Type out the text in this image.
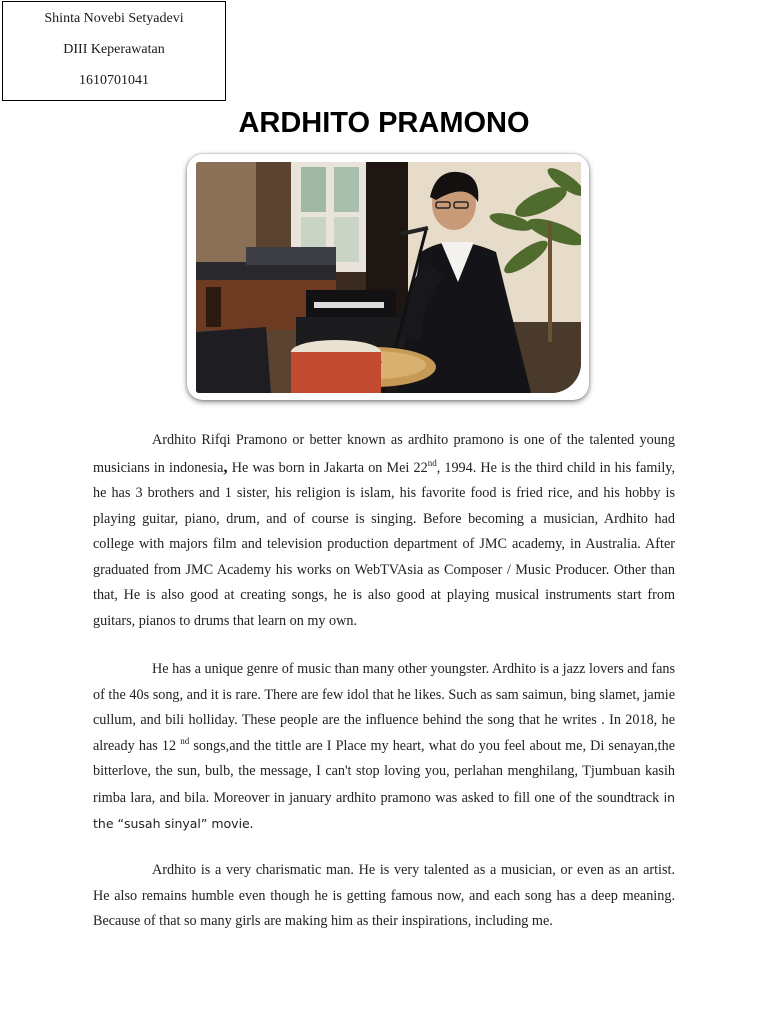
Shinta Novebi Setyadevi
DIII Keperawatan
1610701041
ARDHITO PRAMONO

Ardhito Rifqi Pramono or better known as ardhito pramono is one of the talented young musicians in indonesia, He was born in Jakarta on Mei 22nd, 1994. He is the third child in his family, he has 3 brothers and 1 sister, his religion is islam, his favorite food is fried rice, and his hobby is playing guitar, piano, drum, and of course is singing. Before becoming a musician, Ardhito had college with majors film and television production department of JMC academy, in Australia. After graduated from JMC Academy his works on WebTVAsia as Composer / Music Producer. Other than that, He is also good at creating songs, he is also good at playing musical instruments start from guitars, pianos to drums that learn on my own.

He has a unique genre of music than many other youngster. Ardhito is a jazz lovers and fans of the 40s song, and it is rare. There are few idol that he likes. Such as sam saimun, bing slamet, jamie cullum, and bili holliday. These people are the influence behind the song that he writes . In 2018, he already has 12 $^{nd}$ songs,and the tittle are I Place my heart, what do you feel about me, Di senayan,the bitterlove, the sun, bulb, the message, I can't stop loving you, perlahan menghilang, Tjumbuan kasih rimba lara, and bila. Moreover in january ardhito pramono was asked to fill one of the soundtrack in the “susah sinyal” movie.

Ardhito is a very charismatic man. He is very talented as a musician, or even as an artist. He also remains humble even though he is getting famous now, and each song has a deep meaning. Because of that so many girls are making him as their inspirations, including me.
